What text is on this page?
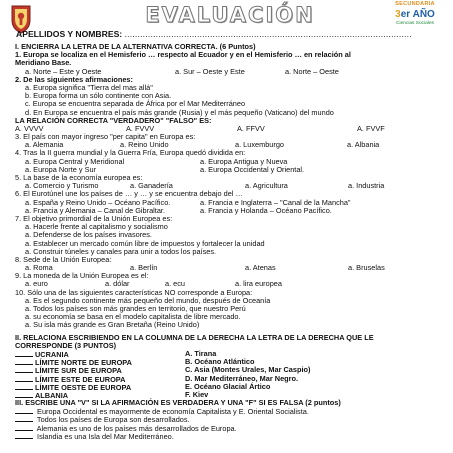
EVALUACIÓN	SECUNDARIA
3er AÑO
Ciencias Sociales
APELLIDOS Y NOMBRES: ...............................................................................................................
I. ENCIERRA LA LETRA DE LA ALTERNATIVA CORRECTA. (6 Puntos)
1. Europa se localiza en el Hemisferio … respecto al Ecuador y en el Hemisferio … en relación al
Meridiano Base.
a. Norte – Este y Oeste	a. Sur – Oeste y Este	a. Norte – Oeste
2. De las siguientes afirmaciones:
a. Europa significa "Tierra del mas allá"
b. Europa forma un sólo continente con Asia.
c. Europa se encuentra separada de África por el Mar Mediterráneo
d. En Europa se encuentra el país más grande (Rusia) y el más pequeño (Vaticano) del mundo
LA RELACIÓN CORRECTA "VERDADERO" "FALSO" ES:
A. VVVV	A. FVVV	A. FFVV	A. FVVF
3. El país con mayor ingreso "per capita" en Europa es:
a. Alemania	a. Reino Unido	a. Luxemburgo	a. Albania
4. Tras la II guerra mundial y la Guerra Fría, Europa quedó dividida en:
a. Europa Central y Meridional	a. Europa Antigua y Nueva
a. Europa Norte y Sur	a. Europa Occidental y Oriental.
5. La base de la economía europea es:
a. Comercio y Turismo	a. Ganadería	a. Agricultura	a. Industria
6. El Eurotúnel une los países de … y … y se encuentra debajo del …
a. España y Reino Unido – Océano Pacífico.	a. Francia e Inglaterra – "Canal de la Mancha"
a. Francia y Alemania – Canal de Gibraltar.	a. Francia y Holanda – Océano Pacífico.
7. El objetivo primordial de la Unión Europea es:
a. Hacerle frente al capitalismo y socialismo
a. Defenderse de los países invasores.
a. Establecer un mercado común libre de impuestos y fortalecer la unidad
a. Construir túneles y canales para unir a todos los países.
8. Sede de la Unión Europea:
a. Roma	a. Berlín	a. Atenas	a. Bruselas
9. La moneda de la Unión Europea es el:
a. euro	a. dólar	a. ecu	a. lira europea
10. Sólo una de las siguientes características NO corresponde a Europa:
a. Es el segundo continente más pequeño del mundo, después de Oceanía
a. Todos los países son más grandes en territorio, que nuestro Perú
a. su economía se basa en el modelo capitalista de libre mercado.
a. Su isla más grande es Gran Bretaña (Reino Unido)
II. RELACIONA ESCRIBIENDO EN LA COLUMNA DE LA DERECHA LA LETRA DE LA DERECHA QUE LE
CORRESPONDE (3 PUNTOS)
UCRANIA	A. Tirana
LÍMITE NORTE DE EUROPA	B. Océano Atlántico
LÍMITE SUR DE EUROPA	C. Asia (Montes Urales, Mar Caspio)
LÍMITE ESTE DE EUROPA	D. Mar Mediterráneo, Mar Negro.
LÍMITE OESTE DE EUROPA	E. Océano Glacial Ártico
ALBANIA	F. Kiev
III. ESCRIBE UNA "V" SI LA AFIRMACIÓN ES VERDADERA Y UNA "F" SI ES FALSA (2 puntos)
Europa Occidental es mayormente de economía Capitalista y E. Oriental Socialista.
Todos los países de Europa son desarrollados.
Alemania es uno de los países más desarrollados de Europa.
Islandia es una Isla del Mar Mediterráneo.
